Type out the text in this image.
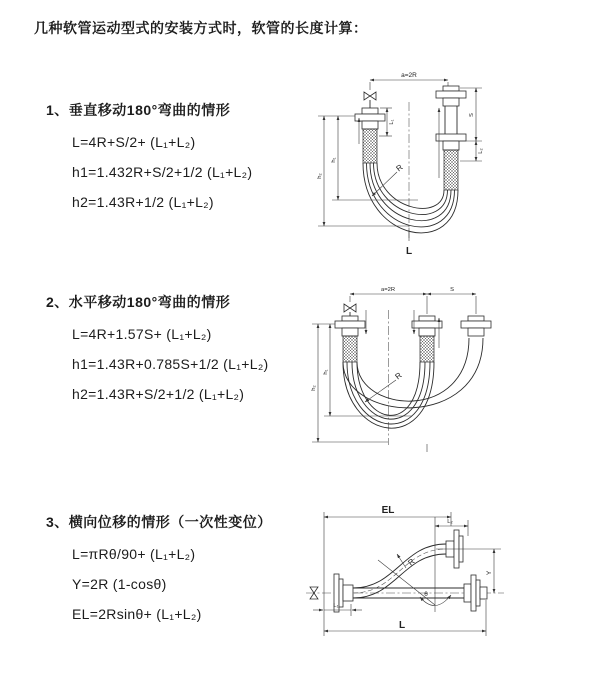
几种软管运动型式的安装方式时，软管的长度计算：
1、垂直移动180°弯曲的情形
L=4R+S/2+ (L₁+L₂)
h1=1.432R+S/2+1/2 (L₁+L₂)
h2=1.43R+1/2 (L₁+L₂)
2、水平移动180°弯曲的情形
L=4R+1.57S+ (L₁+L₂)
h1=1.43R+0.785S+1/2 (L₁+L₂)
h2=1.43R+S/2+1/2 (L₁+L₂)
3、横向位移的情形（一次性变位）
L=πRθ/90+ (L₁+L₂)
Y=2R (1-cosθ)
EL=2Rsinθ+ (L₁+L₂)
a=2R
h₂
h₁
L₁
S
L₂
R
L
a=2R	S
h₂
h₁	R
EL
L₂
Y
R
θ
L₁
L
